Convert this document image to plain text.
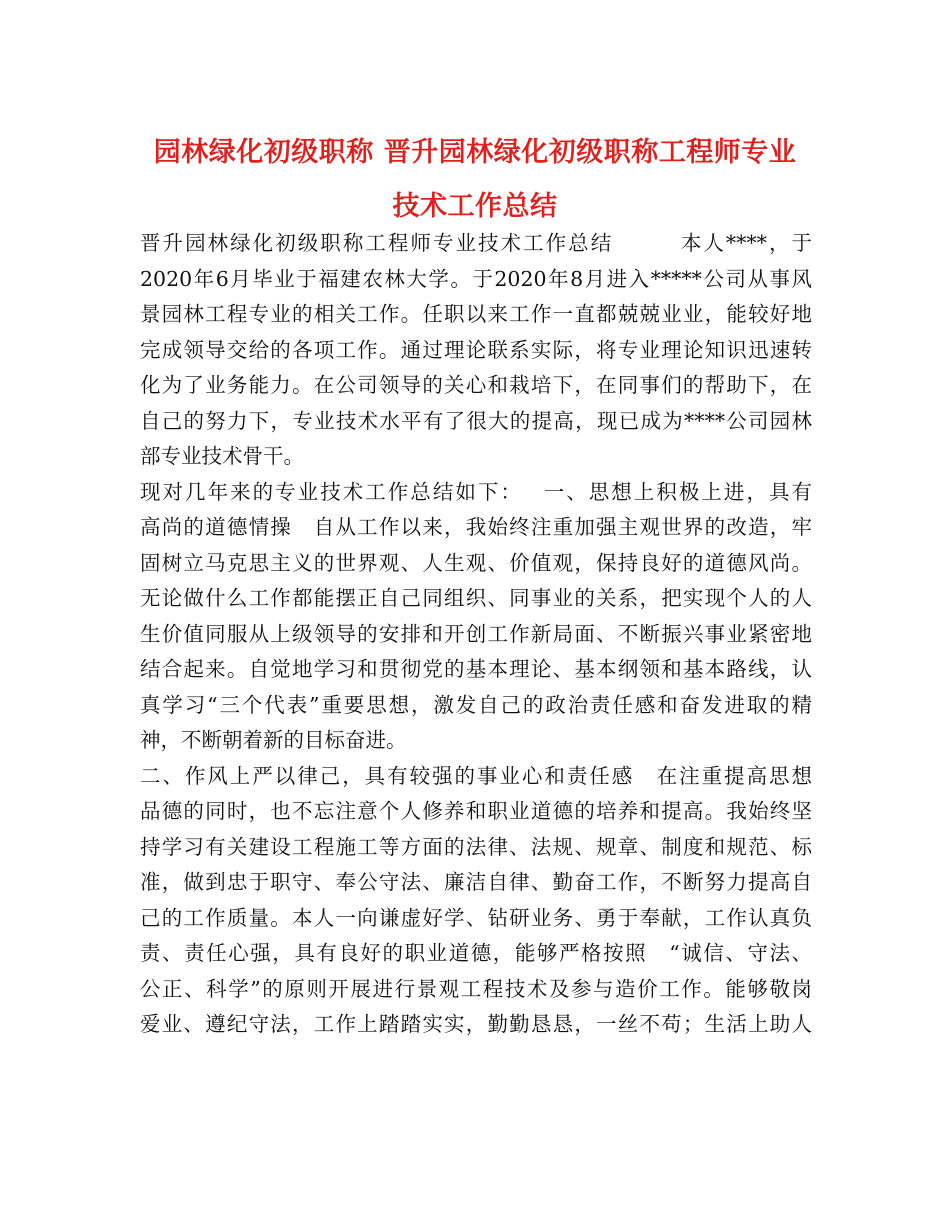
园林绿化初级职称 晋升园林绿化初级职称工程师专业
技术工作总结
晋升园林绿化初级职称工程师专业技术工作总结　　　本人****，于
2020年6月毕业于福建农林大学。于2020年8月进入*****公司从事风
景园林工程专业的相关工作。任职以来工作一直都兢兢业业，能较好地
完成领导交给的各项工作。通过理论联系实际，将专业理论知识迅速转
化为了业务能力。在公司领导的关心和栽培下，在同事们的帮助下，在
自己的努力下，专业技术水平有了很大的提高，现已成为****公司园林
部专业技术骨干。
现对几年来的专业技术工作总结如下：　 一、思想上积极上进，具有
高尚的道德情操　自从工作以来，我始终注重加强主观世界的改造，牢
固树立马克思主义的世界观、人生观、价值观，保持良好的道德风尚。
无论做什么工作都能摆正自己同组织、同事业的关系，把实现个人的人
生价值同服从上级领导的安排和开创工作新局面、不断振兴事业紧密地
结合起来。自觉地学习和贯彻党的基本理论、基本纲领和基本路线，认
真学习“三个代表”重要思想，激发自己的政治责任感和奋发进取的精
神，不断朝着新的目标奋进。
二、作风上严以律己，具有较强的事业心和责任感　在注重提高思想
品德的同时，也不忘注意个人修养和职业道德的培养和提高。我始终坚
持学习有关建设工程施工等方面的法律、法规、规章、制度和规范、标
准，做到忠于职守、奉公守法、廉洁自律、勤奋工作，不断努力提高自
己的工作质量。本人一向谦虚好学、钻研业务、勇于奉献，工作认真负
责、责任心强，具有良好的职业道德，能够严格按照　“诚信、守法、
公正、科学”的原则开展进行景观工程技术及参与造价工作。能够敬岗
爱业、遵纪守法，工作上踏踏实实，勤勤恳恳，一丝不苟；生活上助人
